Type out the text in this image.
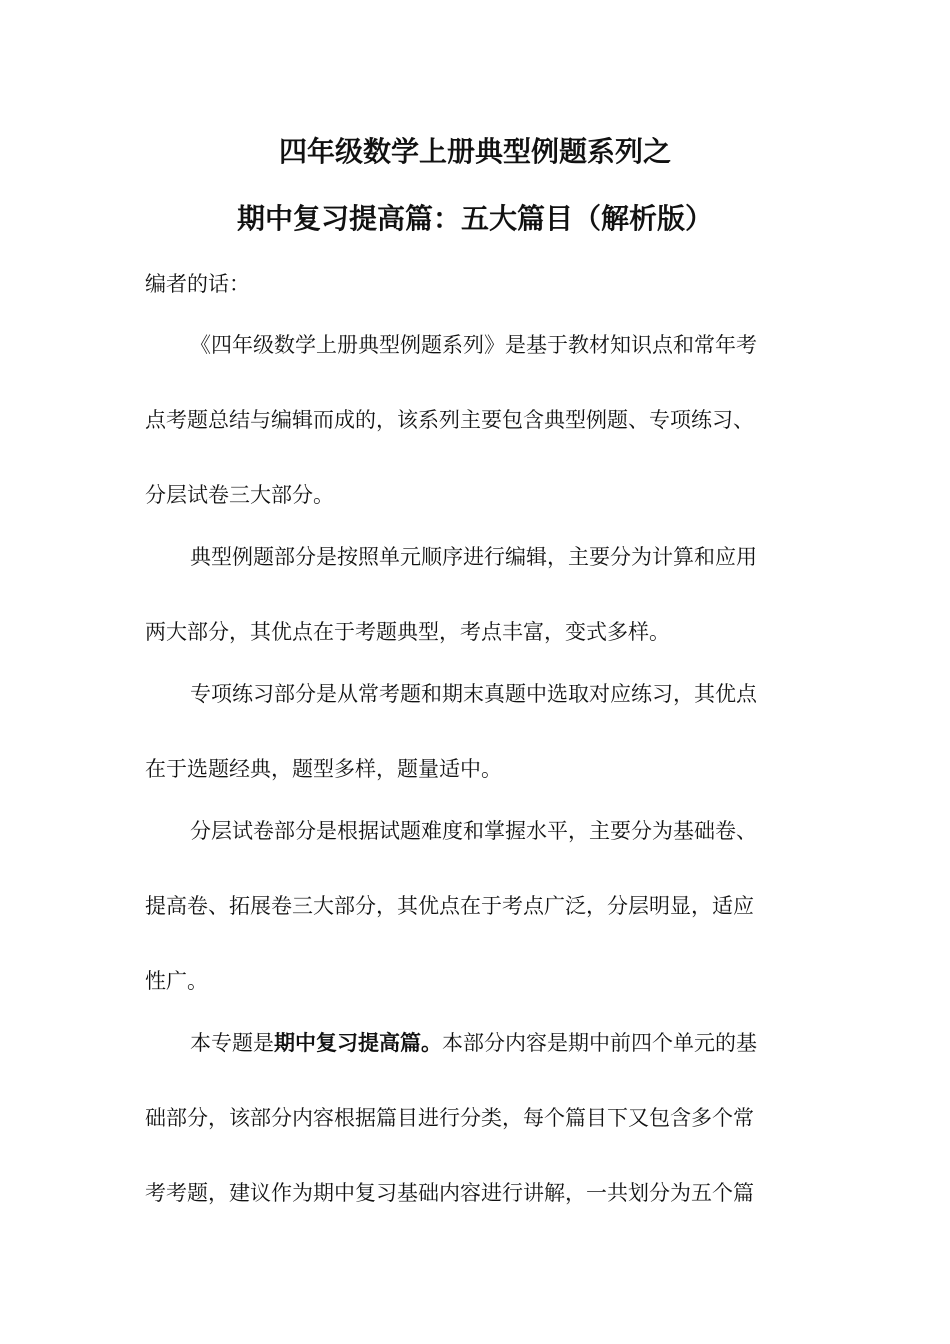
四年级数学上册典型例题系列之
期中复习提高篇：五大篇目（解析版）
编者的话：
《四年级数学上册典型例题系列》是基于教材知识点和常年考
点考题总结与编辑而成的，该系列主要包含典型例题、专项练习、
分层试卷三大部分。
典型例题部分是按照单元顺序进行编辑，主要分为计算和应用
两大部分，其优点在于考题典型，考点丰富，变式多样。
专项练习部分是从常考题和期末真题中选取对应练习，其优点
在于选题经典，题型多样，题量适中。
分层试卷部分是根据试题难度和掌握水平，主要分为基础卷、
提高卷、拓展卷三大部分，其优点在于考点广泛，分层明显，适应
性广。
本专题是期中复习提高篇。本部分内容是期中前四个单元的基
础部分，该部分内容根据篇目进行分类，每个篇目下又包含多个常
考考题，建议作为期中复习基础内容进行讲解，一共划分为五个篇
